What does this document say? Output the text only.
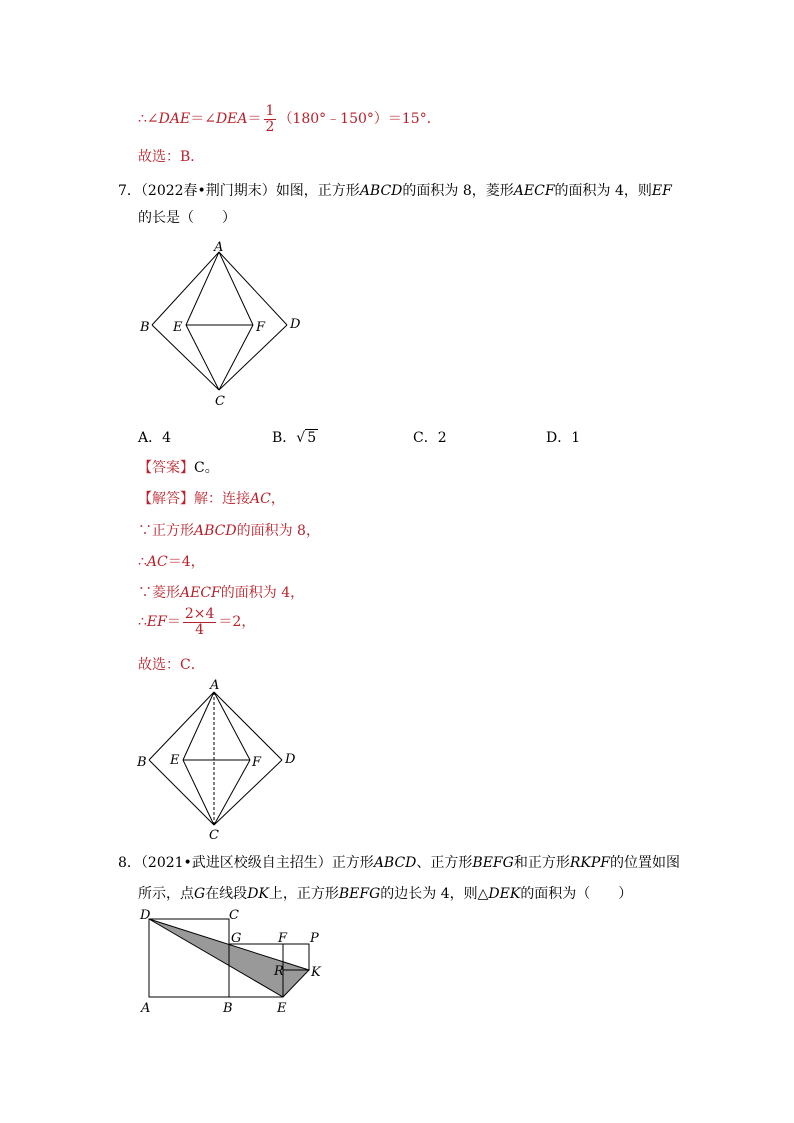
∴∠DAE＝∠DEA＝ $\frac{1}{2}$ （180°﹣150°）＝15°．
故选：B．
7．（2022春•荆门期末）如图，正方形ABCD的面积为 8，菱形AECF的面积为 4，则EF
的长是（　　）
A
B E	F D
C
A．4	B．√ 5	C．2	D．1
【答案】C。
【解答】解：连接AC，
∵正方形ABCD的面积为 8，
∴AC＝4，
∵菱形AECF的面积为 4，
∴EF＝ $\frac{2\times 4}{4} =2$，
故选：C．
A
B E	F D
C
8．（2021•武进区校级自主招生）正方形ABCD、正方形BEFG和正方形RKPF的位置如图
所示，点G在线段DK上，正方形BEFG的边长为 4，则△DEK的面积为（　　）
D	C
G	F P
R K
A	B	E
